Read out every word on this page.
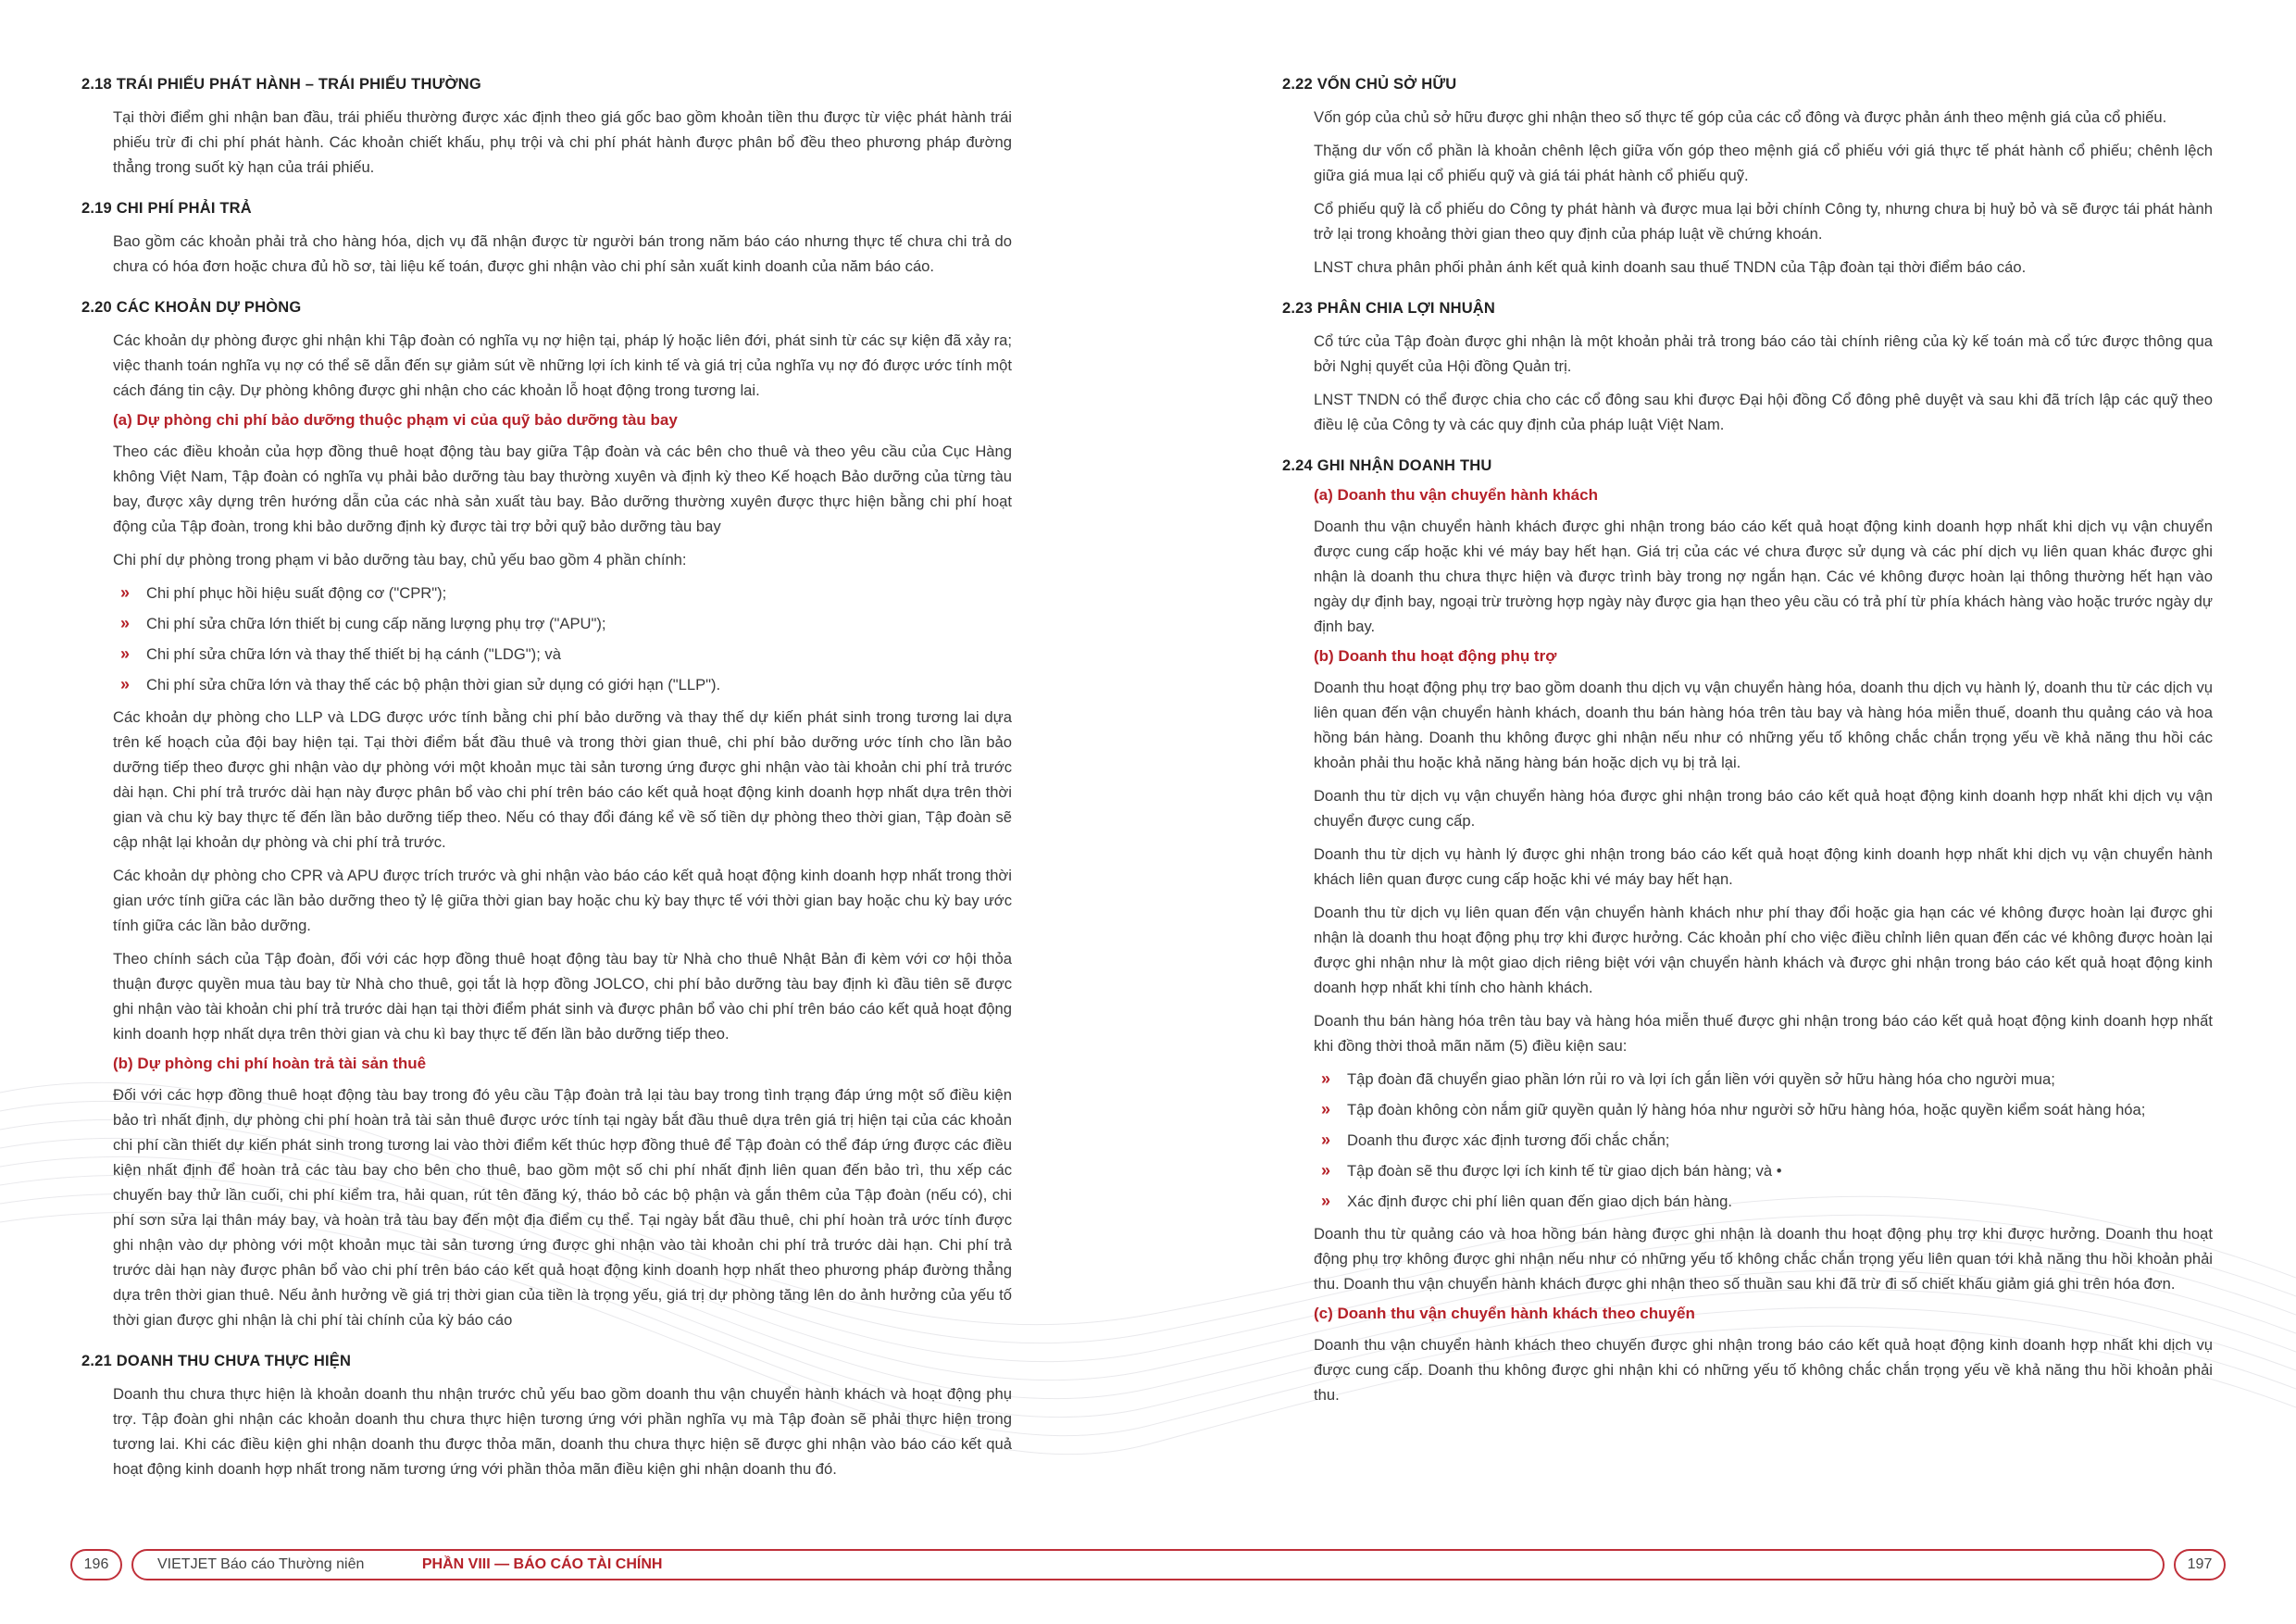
2.18 TRÁI PHIẾU PHÁT HÀNH – TRÁI PHIẾU THƯỜNG

Tại thời điểm ghi nhận ban đầu, trái phiếu thường được xác định theo giá gốc bao gồm khoản tiền thu được từ việc phát hành trái phiếu trừ đi chi phí phát hành. Các khoản chiết khấu, phụ trội và chi phí phát hành được phân bổ đều theo phương pháp đường thẳng trong suốt kỳ hạn của trái phiếu.

2.19 CHI PHÍ PHẢI TRẢ

Bao gồm các khoản phải trả cho hàng hóa, dịch vụ đã nhận được từ người bán trong năm báo cáo nhưng thực tế chưa chi trả do chưa có hóa đơn hoặc chưa đủ hồ sơ, tài liệu kế toán, được ghi nhận vào chi phí sản xuất kinh doanh của năm báo cáo.

2.20 CÁC KHOẢN DỰ PHÒNG

Các khoản dự phòng được ghi nhận khi Tập đoàn có nghĩa vụ nợ hiện tại, pháp lý hoặc liên đới, phát sinh từ các sự kiện đã xảy ra; việc thanh toán nghĩa vụ nợ có thể sẽ dẫn đến sự giảm sút về những lợi ích kinh tế và giá trị của nghĩa vụ nợ đó được ước tính một cách đáng tin cậy. Dự phòng không được ghi nhận cho các khoản lỗ hoạt động trong tương lai.

(a) Dự phòng chi phí bảo dưỡng thuộc phạm vi của quỹ bảo dưỡng tàu bay

Theo các điều khoản của hợp đồng thuê hoạt động tàu bay giữa Tập đoàn và các bên cho thuê và theo yêu cầu của Cục Hàng không Việt Nam, Tập đoàn có nghĩa vụ phải bảo dưỡng tàu bay thường xuyên và định kỳ theo Kế hoạch Bảo dưỡng của từng tàu bay, được xây dựng trên hướng dẫn của các nhà sản xuất tàu bay. Bảo dưỡng thường xuyên được thực hiện bằng chi phí hoạt động của Tập đoàn, trong khi bảo dưỡng định kỳ được tài trợ bởi quỹ bảo dưỡng tàu bay

Chi phí dự phòng trong phạm vi bảo dưỡng tàu bay, chủ yếu bao gồm 4 phần chính:

» Chi phí phục hồi hiệu suất động cơ ("CPR");
» Chi phí sửa chữa lớn thiết bị cung cấp năng lượng phụ trợ ("APU");
» Chi phí sửa chữa lớn và thay thế thiết bị hạ cánh ("LDG"); và
» Chi phí sửa chữa lớn và thay thế các bộ phận thời gian sử dụng có giới hạn ("LLP").

Các khoản dự phòng cho LLP và LDG được ước tính bằng chi phí bảo dưỡng và thay thế dự kiến phát sinh trong tương lai dựa trên kế hoạch của đội bay hiện tại. Tại thời điểm bắt đầu thuê và trong thời gian thuê, chi phí bảo dưỡng ước tính cho lần bảo dưỡng tiếp theo được ghi nhận vào dự phòng với một khoản mục tài sản tương ứng được ghi nhận vào tài khoản chi phí trả trước dài hạn. Chi phí trả trước dài hạn này được phân bổ vào chi phí trên báo cáo kết quả hoạt động kinh doanh hợp nhất dựa trên thời gian và chu kỳ bay thực tế đến lần bảo dưỡng tiếp theo. Nếu có thay đổi đáng kể về số tiền dự phòng theo thời gian, Tập đoàn sẽ cập nhật lại khoản dự phòng và chi phí trả trước.

Các khoản dự phòng cho CPR và APU được trích trước và ghi nhận vào báo cáo kết quả hoạt động kinh doanh hợp nhất trong thời gian ước tính giữa các lần bảo dưỡng theo tỷ lệ giữa thời gian bay hoặc chu kỳ bay thực tế với thời gian bay hoặc chu kỳ bay ước tính giữa các lần bảo dưỡng.

Theo chính sách của Tập đoàn, đối với các hợp đồng thuê hoạt động tàu bay từ Nhà cho thuê Nhật Bản đi kèm với cơ hội thỏa thuận được quyền mua tàu bay từ Nhà cho thuê, gọi tắt là hợp đồng JOLCO, chi phí bảo dưỡng tàu bay định kì đầu tiên sẽ được ghi nhận vào tài khoản chi phí trả trước dài hạn tại thời điểm phát sinh và được phân bổ vào chi phí trên báo cáo kết quả hoạt động kinh doanh hợp nhất dựa trên thời gian và chu kì bay thực tế đến lần bảo dưỡng tiếp theo.

(b) Dự phòng chi phí hoàn trả tài sản thuê

Đối với các hợp đồng thuê hoạt động tàu bay trong đó yêu cầu Tập đoàn trả lại tàu bay trong tình trạng đáp ứng một số điều kiện bảo trì nhất định, dự phòng chi phí hoàn trả tài sản thuê được ước tính tại ngày bắt đầu thuê dựa trên giá trị hiện tại của các khoản chi phí cần thiết dự kiến phát sinh trong tương lai vào thời điểm kết thúc hợp đồng thuê để Tập đoàn có thể đáp ứng được các điều kiện nhất định để hoàn trả các tàu bay cho bên cho thuê, bao gồm một số chi phí nhất định liên quan đến bảo trì, thu xếp các chuyến bay thử lần cuối, chi phí kiểm tra, hải quan, rút tên đăng ký, tháo bỏ các bộ phận và gắn thêm của Tập đoàn (nếu có), chi phí sơn sửa lại thân máy bay, và hoàn trả tàu bay đến một địa điểm cụ thể. Tại ngày bắt đầu thuê, chi phí hoàn trả ước tính được ghi nhận vào dự phòng với một khoản mục tài sản tương ứng được ghi nhận vào tài khoản chi phí trả trước dài hạn. Chi phí trả trước dài hạn này được phân bổ vào chi phí trên báo cáo kết quả hoạt động kinh doanh hợp nhất theo phương pháp đường thẳng dựa trên thời gian thuê. Nếu ảnh hưởng về giá trị thời gian của tiền là trọng yếu, giá trị dự phòng tăng lên do ảnh hưởng của yếu tố thời gian được ghi nhận là chi phí tài chính của kỳ báo cáo

2.21 DOANH THU CHƯA THỰC HIỆN

Doanh thu chưa thực hiện là khoản doanh thu nhận trước chủ yếu bao gồm doanh thu vận chuyển hành khách và hoạt động phụ trợ. Tập đoàn ghi nhận các khoản doanh thu chưa thực hiện tương ứng với phần nghĩa vụ mà Tập đoàn sẽ phải thực hiện trong tương lai. Khi các điều kiện ghi nhận doanh thu được thỏa mãn, doanh thu chưa thực hiện sẽ được ghi nhận vào báo cáo kết quả hoạt động kinh doanh hợp nhất trong năm tương ứng với phần thỏa mãn điều kiện ghi nhận doanh thu đó.

2.22 VỐN CHỦ SỞ HỮU

Vốn góp của chủ sở hữu được ghi nhận theo số thực tế góp của các cổ đông và được phản ánh theo mệnh giá của cổ phiếu.

Thặng dư vốn cổ phần là khoản chênh lệch giữa vốn góp theo mệnh giá cổ phiếu với giá thực tế phát hành cổ phiếu; chênh lệch giữa giá mua lại cổ phiếu quỹ và giá tái phát hành cổ phiếu quỹ.

Cổ phiếu quỹ là cổ phiếu do Công ty phát hành và được mua lại bởi chính Công ty, nhưng chưa bị huỷ bỏ và sẽ được tái phát hành trở lại trong khoảng thời gian theo quy định của pháp luật về chứng khoán.

LNST chưa phân phối phản ánh kết quả kinh doanh sau thuế TNDN của Tập đoàn tại thời điểm báo cáo.

2.23 PHÂN CHIA LỢI NHUẬN

Cổ tức của Tập đoàn được ghi nhận là một khoản phải trả trong báo cáo tài chính riêng của kỳ kế toán mà cổ tức được thông qua bởi Nghị quyết của Hội đồng Quản trị.

LNST TNDN có thể được chia cho các cổ đông sau khi được Đại hội đồng Cổ đông phê duyệt và sau khi đã trích lập các quỹ theo điều lệ của Công ty và các quy định của pháp luật Việt Nam.

2.24 GHI NHẬN DOANH THU
(a) Doanh thu vận chuyển hành khách

Doanh thu vận chuyển hành khách được ghi nhận trong báo cáo kết quả hoạt động kinh doanh hợp nhất khi dịch vụ vận chuyển được cung cấp hoặc khi vé máy bay hết hạn. Giá trị của các vé chưa được sử dụng và các phí dịch vụ liên quan khác được ghi nhận là doanh thu chưa thực hiện và được trình bày trong nợ ngắn hạn. Các vé không được hoàn lại thông thường hết hạn vào ngày dự định bay, ngoại trừ trường hợp ngày này được gia hạn theo yêu cầu có trả phí từ phía khách hàng vào hoặc trước ngày dự định bay.

(b) Doanh thu hoạt động phụ trợ

Doanh thu hoạt động phụ trợ bao gồm doanh thu dịch vụ vận chuyển hàng hóa, doanh thu dịch vụ hành lý, doanh thu từ các dịch vụ liên quan đến vận chuyển hành khách, doanh thu bán hàng hóa trên tàu bay và hàng hóa miễn thuế, doanh thu quảng cáo và hoa hồng bán hàng. Doanh thu không được ghi nhận nếu như có những yếu tố không chắc chắn trọng yếu về khả năng thu hồi các khoản phải thu hoặc khả năng hàng bán hoặc dịch vụ bị trả lại.

Doanh thu từ dịch vụ vận chuyển hàng hóa được ghi nhận trong báo cáo kết quả hoạt động kinh doanh hợp nhất khi dịch vụ vận chuyển được cung cấp.

Doanh thu từ dịch vụ hành lý được ghi nhận trong báo cáo kết quả hoạt động kinh doanh hợp nhất khi dịch vụ vận chuyển hành khách liên quan được cung cấp hoặc khi vé máy bay hết hạn.

Doanh thu từ dịch vụ liên quan đến vận chuyển hành khách như phí thay đổi hoặc gia hạn các vé không được hoàn lại được ghi nhận là doanh thu hoạt động phụ trợ khi được hưởng. Các khoản phí cho việc điều chỉnh liên quan đến các vé không được hoàn lại được ghi nhận như là một giao dịch riêng biệt với vận chuyển hành khách và được ghi nhận trong báo cáo kết quả hoạt động kinh doanh hợp nhất khi tính cho hành khách.

Doanh thu bán hàng hóa trên tàu bay và hàng hóa miễn thuế được ghi nhận trong báo cáo kết quả hoạt động kinh doanh hợp nhất khi đồng thời thoả mãn năm (5) điều kiện sau:

» Tập đoàn đã chuyển giao phần lớn rủi ro và lợi ích gắn liền với quyền sở hữu hàng hóa cho người mua;
» Tập đoàn không còn nắm giữ quyền quản lý hàng hóa như người sở hữu hàng hóa, hoặc quyền kiểm soát hàng hóa;
» Doanh thu được xác định tương đối chắc chắn;
» Tập đoàn sẽ thu được lợi ích kinh tế từ giao dịch bán hàng; và •
» Xác định được chi phí liên quan đến giao dịch bán hàng.

Doanh thu từ quảng cáo và hoa hồng bán hàng được ghi nhận là doanh thu hoạt động phụ trợ khi được hưởng. Doanh thu hoạt động phụ trợ không được ghi nhận nếu như có những yếu tố không chắc chắn trọng yếu liên quan tới khả năng thu hồi khoản phải thu. Doanh thu vận chuyển hành khách được ghi nhận theo số thuần sau khi đã trừ đi số chiết khấu giảm giá ghi trên hóa đơn.

(c) Doanh thu vận chuyển hành khách theo chuyến

Doanh thu vận chuyển hành khách theo chuyến được ghi nhận trong báo cáo kết quả hoạt động kinh doanh hợp nhất khi dịch vụ được cung cấp. Doanh thu không được ghi nhận khi có những yếu tố không chắc chắn trọng yếu về khả năng thu hồi khoản phải thu.

196	VIETJET Báo cáo Thường niên	PHẦN VIII — BÁO CÁO TÀI CHÍNH	197
